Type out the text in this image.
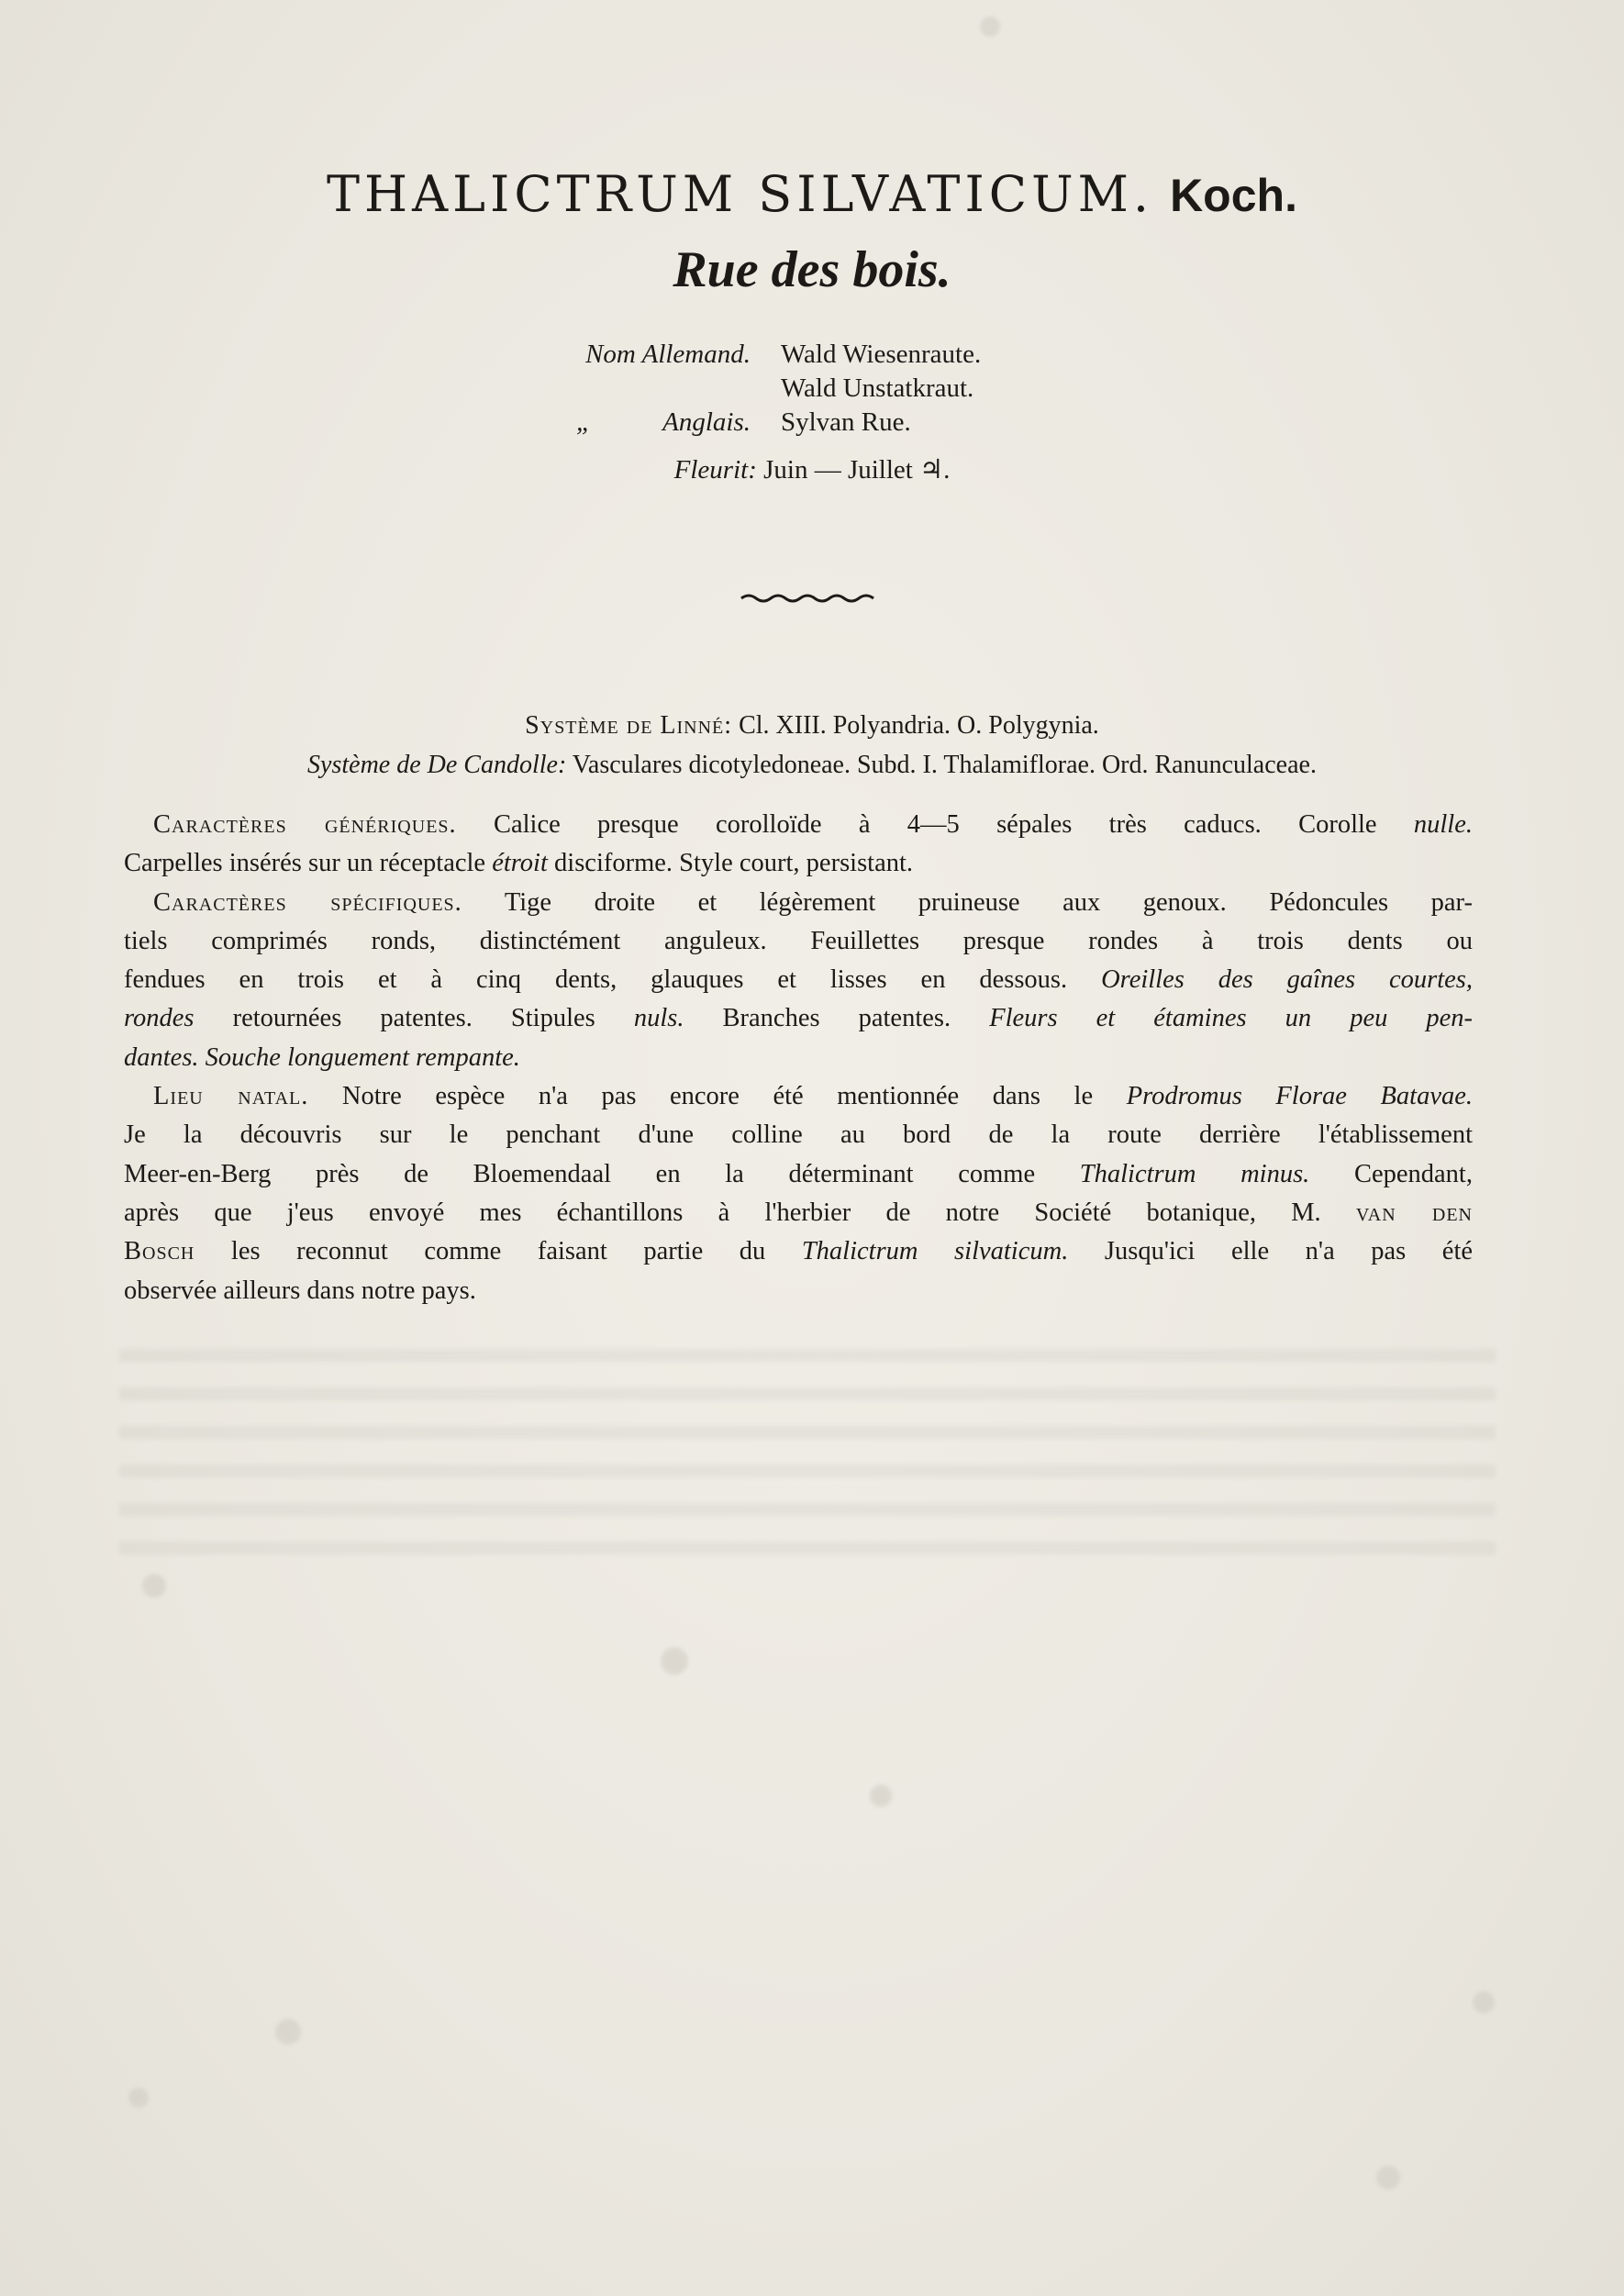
THALICTRUM SILVATICUM. Koch.
Rue des bois.
Nom Allemand. Wald Wiesenraute.
Wald Unstatkraut.
„	Anglais. Sylvan Rue.
Fleurit: Juin — Juillet ♃.
Système de Linné: Cl. XIII. Polyandria. O. Polygynia.
Système de De Candolle: Vasculares dicotyledoneae. Subd. I. Thalamiflorae. Ord. Ranunculaceae.
Caractères génériques. Calice presque corolloïde à 4—5 sépales très caducs. Corolle nulle.
Carpelles insérés sur un réceptacle étroit disciforme. Style court, persistant.
Caractères spécifiques. Tige droite et légèrement pruineuse aux genoux. Pédoncules par-
tiels comprimés ronds, distinctément anguleux. Feuillettes presque rondes à trois dents ou
fendues en trois et à cinq dents, glauques et lisses en dessous. Oreilles des gaînes courtes,
rondes retournées patentes. Stipules nuls. Branches patentes. Fleurs et étamines un peu pen-
dantes. Souche longuement rempante.
Lieu natal. Notre espèce n'a pas encore été mentionnée dans le Prodromus Florae Batavae.
Je la découvris sur le penchant d'une colline au bord de la route derrière l'établissement
Meer-en-Berg près de Bloemendaal en la déterminant comme Thalictrum minus. Cependant,
après que j'eus envoyé mes échantillons à l'herbier de notre Société botanique, M. van den
Bosch les reconnut comme faisant partie du Thalictrum silvaticum. Jusqu'ici elle n'a pas été
observée ailleurs dans notre pays.
